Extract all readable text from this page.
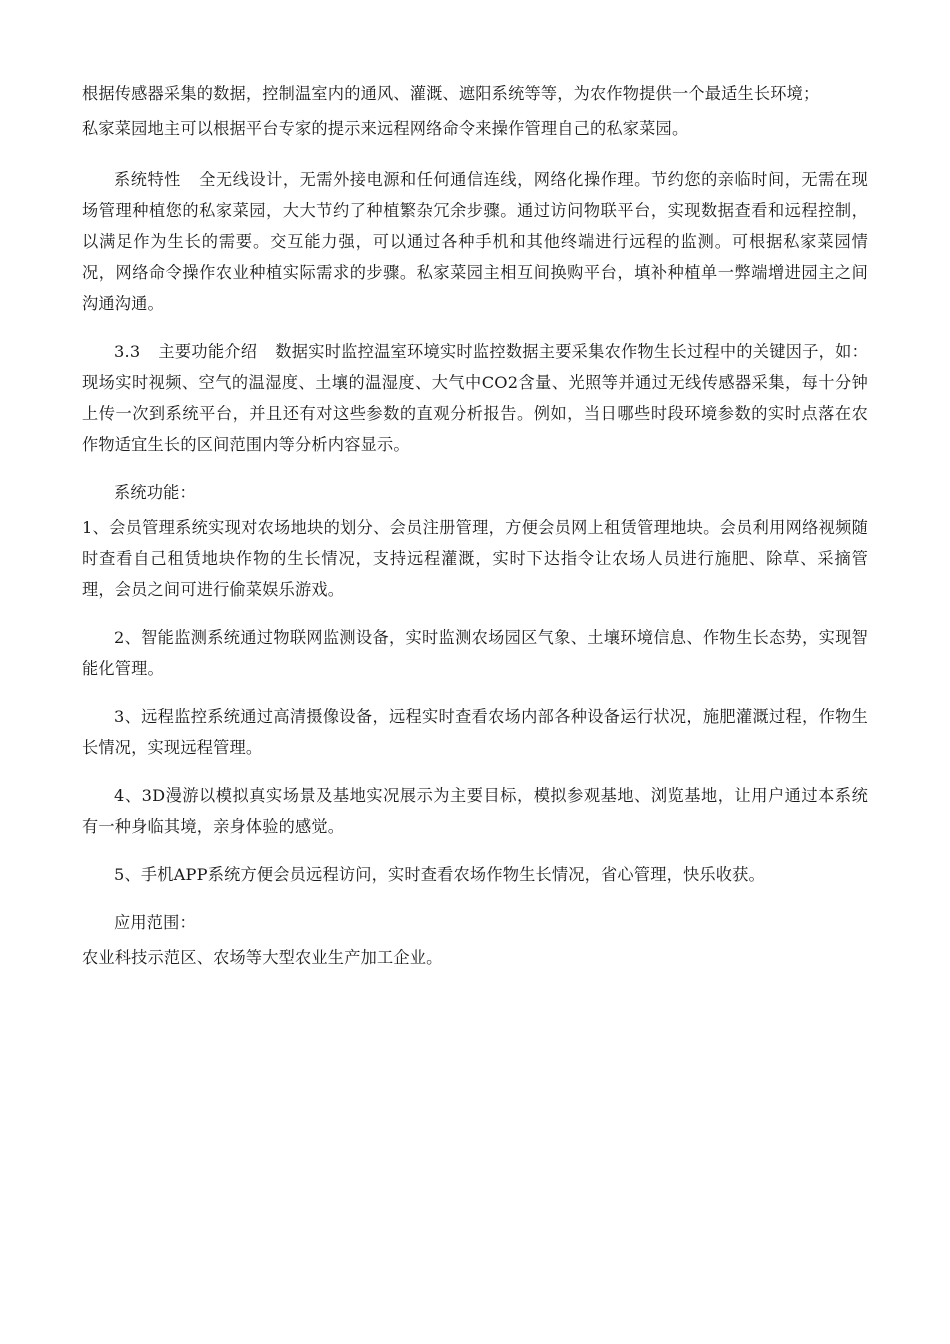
根据传感器采集的数据，控制温室内的通风、灌溉、遮阳系统等等，为农作物提供一个最适生长环境；

私家菜园地主可以根据平台专家的提示来远程网络命令来操作管理自己的私家菜园。

系统特性 全无线设计，无需外接电源和任何通信连线，网络化操作理。节约您的亲临时间，无需在现场管理种植您的私家菜园，大大节约了种植繁杂冗余步骤。通过访问物联平台，实现数据查看和远程控制，以满足作为生长的需要。交互能力强，可以通过各种手机和其他终端进行远程的监测。可根据私家菜园情况，网络命令操作农业种植实际需求的步骤。私家菜园主相互间换购平台，填补种植单一弊端增进园主之间沟通沟通。

3.3 主要功能介绍 数据实时监控温室环境实时监控数据主要采集农作物生长过程中的关键因子，如：现场实时视频、空气的温湿度、土壤的温湿度、大气中CO2含量、光照等并通过无线传感器采集，每十分钟上传一次到系统平台，并且还有对这些参数的直观分析报告。例如，当日哪些时段环境参数的实时点落在农作物适宜生长的区间范围内等分析内容显示。

系统功能：

1、会员管理系统实现对农场地块的划分、会员注册管理，方便会员网上租赁管理地块。会员利用网络视频随时查看自己租赁地块作物的生长情况，支持远程灌溉，实时下达指令让农场人员进行施肥、除草、采摘管理，会员之间可进行偷菜娱乐游戏。

2、智能监测系统通过物联网监测设备，实时监测农场园区气象、土壤环境信息、作物生长态势，实现智能化管理。

3、远程监控系统通过高清摄像设备，远程实时查看农场内部各种设备运行状况，施肥灌溉过程，作物生长情况，实现远程管理。

4、3D漫游以模拟真实场景及基地实况展示为主要目标，模拟参观基地、浏览基地，让用户通过本系统有一种身临其境，亲身体验的感觉。

5、手机APP系统方便会员远程访问，实时查看农场作物生长情况，省心管理，快乐收获。

应用范围：

农业科技示范区、农场等大型农业生产加工企业。
